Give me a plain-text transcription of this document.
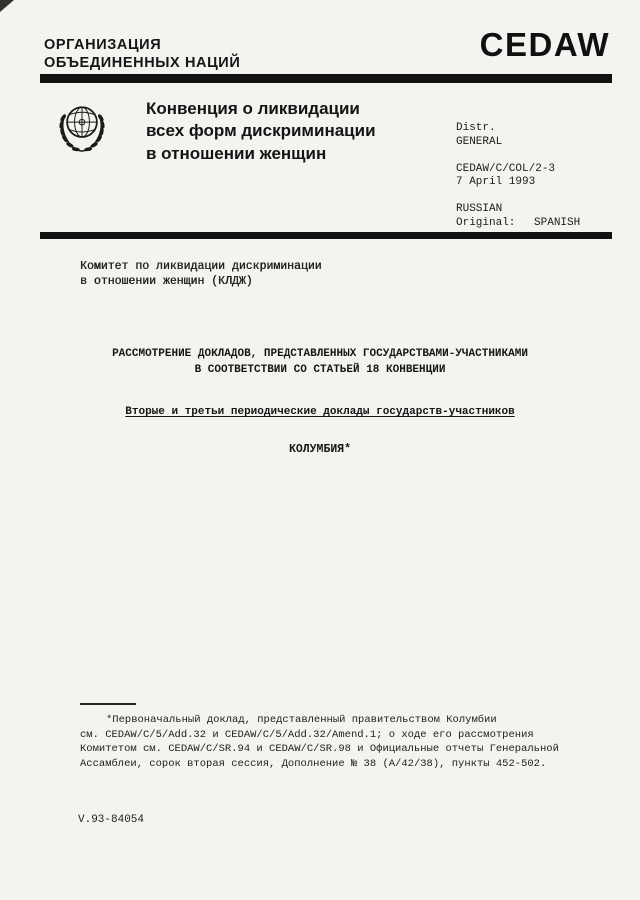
ОРГАНИЗАЦИЯ
ОБЪЕДИНЕННЫХ НАЦИЙ
CEDAW
Конвенция о ликвидации
всех форм дискриминации
в отношении женщин
Distr.
GENERAL
CEDAW/C/COL/2-3
7 April 1993
RUSSIAN
Original: SPANISH
Комитет по ликвидации дискриминации
в отношении женщин (КЛДЖ)
РАССМОТРЕНИЕ ДОКЛАДОВ, ПРЕДСТАВЛЕННЫХ ГОСУДАРСТВАМИ-УЧАСТНИКАМИ
В СООТВЕТСТВИИ СО СТАТЬЕЙ 18 КОНВЕНЦИИ
Вторые и третьи периодические доклады государств-участников
КОЛУМБИЯ*
*Первоначальный доклад, представленный правительством Колумбии
см. CEDAW/C/5/Add.32 и CEDAW/C/5/Add.32/Amend.1; о ходе его рассмотрения
Комитетом см. CEDAW/C/SR.94 и CEDAW/C/SR.98 и Официальные отчеты Генеральной
Ассамблеи, сорок вторая сессия, Дополнение № 38 (A/42/38), пункты 452-502.
V.93-84054
